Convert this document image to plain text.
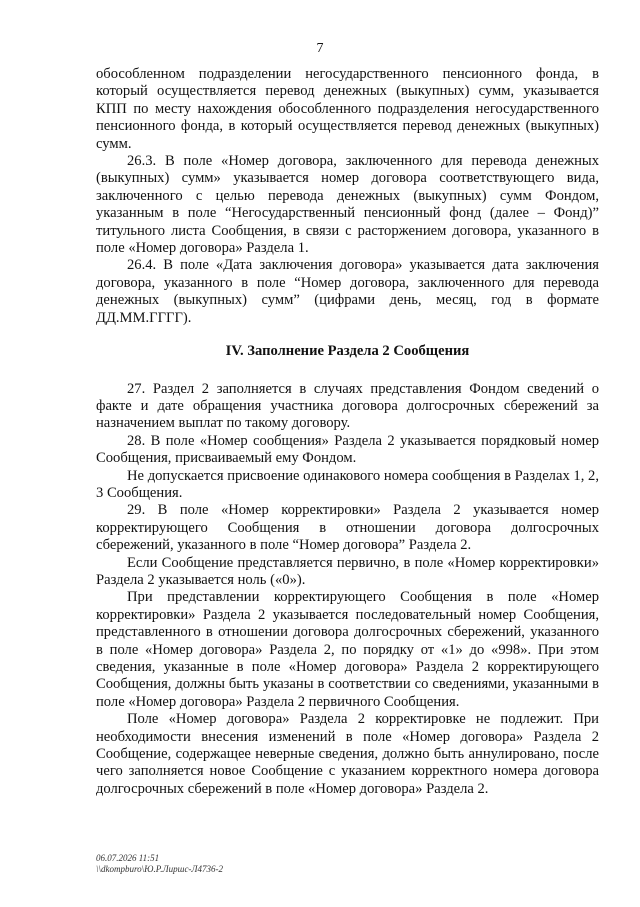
7

обособленном подразделении негосударственного пенсионного фонда, в который осуществляется перевод денежных (выкупных) сумм, указывается КПП по месту нахождения обособленного подразделения негосударственного пенсионного фонда, в который осуществляется перевод денежных (выкупных) сумм.

26.3. В поле «Номер договора, заключенного для перевода денежных (выкупных) сумм» указывается номер договора соответствующего вида, заключенного с целью перевода денежных (выкупных) сумм Фондом, указанным в поле “Негосударственный пенсионный фонд (далее – Фонд)” титульного листа Сообщения, в связи с расторжением договора, указанного в поле «Номер договора» Раздела 1.

26.4. В поле «Дата заключения договора» указывается дата заключения договора, указанного в поле “Номер договора, заключенного для перевода денежных (выкупных) сумм” (цифрами день, месяц, год в формате ДД.ММ.ГГГГ).

IV. Заполнение Раздела 2 Сообщения

27. Раздел 2 заполняется в случаях представления Фондом сведений о факте и дате обращения участника договора долгосрочных сбережений за назначением выплат по такому договору.

28. В поле «Номер сообщения» Раздела 2 указывается порядковый номер Сообщения, присваиваемый ему Фондом.

Не допускается присвоение одинакового номера сообщения в Разделах 1, 2, 3 Сообщения.

29. В поле «Номер корректировки» Раздела 2 указывается номер корректирующего Сообщения в отношении договора долгосрочных сбережений, указанного в поле “Номер договора” Раздела 2.

Если Сообщение представляется первично, в поле «Номер корректировки» Раздела 2 указывается ноль («0»).

При представлении корректирующего Сообщения в поле «Номер корректировки» Раздела 2 указывается последовательный номер Сообщения, представленного в отношении договора долгосрочных сбережений, указанного в поле «Номер договора» Раздела 2, по порядку от «1» до «998». При этом сведения, указанные в поле «Номер договора» Раздела 2 корректирующего Сообщения, должны быть указаны в соответствии со сведениями, указанными в поле «Номер договора» Раздела 2 первичного Сообщения.

Поле «Номер договора» Раздела 2 корректировке не подлежит. При необходимости внесения изменений в поле «Номер договора» Раздела 2 Сообщение, содержащее неверные сведения, должно быть аннулировано, после чего заполняется новое Сообщение с указанием корректного номера договора долгосрочных сбережений в поле «Номер договора» Раздела 2.

06.07.2026 11:51
\\dkompburo\Ю.Р.Лиршс-Л4736-2
